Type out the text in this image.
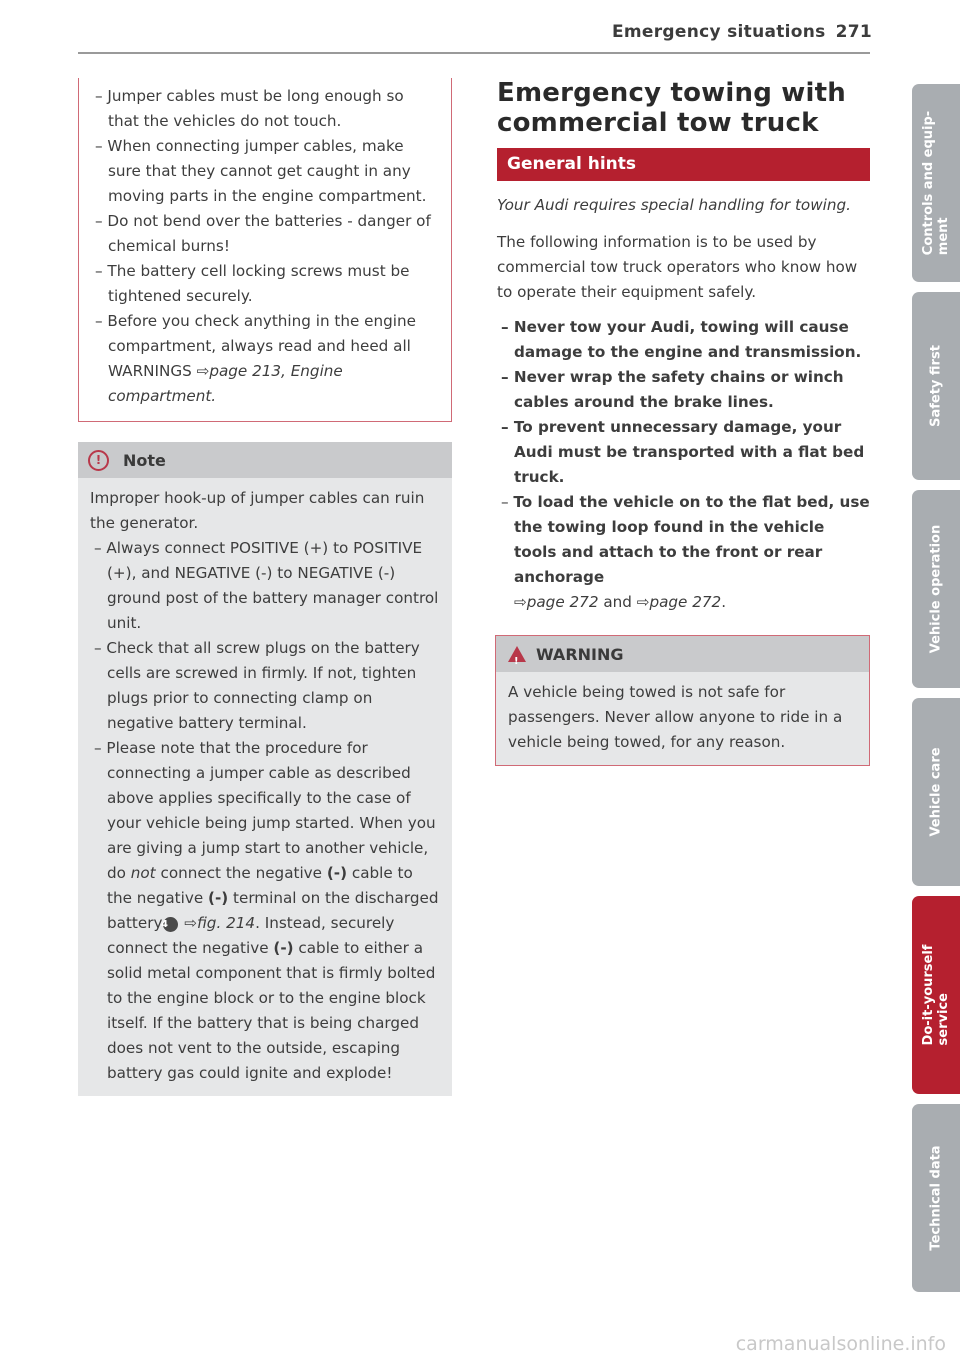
Emergency situations 271

– Jumper cables must be long enough so that the vehicles do not touch.

– When connecting jumper cables, make sure that they cannot get caught in any moving parts in the engine compartment.

– Do not bend over the batteries - danger of chemical burns!

– The battery cell locking screws must be tightened securely.

– Before you check anything in the engine compartment, always read and heed all WARNINGS ⇨page 213, Engine compartment.

!	Note

Improper hook-up of jumper cables can ruin the generator.

– Always connect POSITIVE (+) to POSITIVE (+), and NEGATIVE (-) to NEGATIVE (-) ground post of the battery manager control unit.

– Check that all screw plugs on the battery cells are screwed in firmly. If not, tighten plugs prior to connecting clamp on negative battery terminal.

– Please note that the procedure for connecting a jumper cable as described above applies specifically to the case of your vehicle being jump started. When you are giving a jump start to another vehicle, do not connect the negative (-) cable to the negative (-) terminal on the discharged battery4 ⇨fig. 214. Instead, securely connect the negative (-) cable to either a solid metal component that is firmly bolted to the engine block or to the engine block itself. If the battery that is being charged does not vent to the outside, escaping battery gas could ignite and explode!

Emergency towing with commercial tow truck
General hints

Your Audi requires special handling for towing.

The following information is to be used by commercial tow truck operators who know how to operate their equipment safely.

– Never tow your Audi, towing will cause damage to the engine and transmission.

– Never wrap the safety chains or winch cables around the brake lines.

– To prevent unnecessary damage, your Audi must be transported with a flat bed truck.

– To load the vehicle on to the flat bed, use the towing loop found in the vehicle tools and attach to the front or rear anchorage
⇨page 272 and ⇨page 272.

!
WARNING

A vehicle being towed is not safe for passengers. Never allow anyone to ride in a vehicle being towed, for any reason.

Controls and equip-
ment
Safety first
Vehicle operation
Vehicle care
Do-it-yourself
service
Technical data
carmanualsonline.info
